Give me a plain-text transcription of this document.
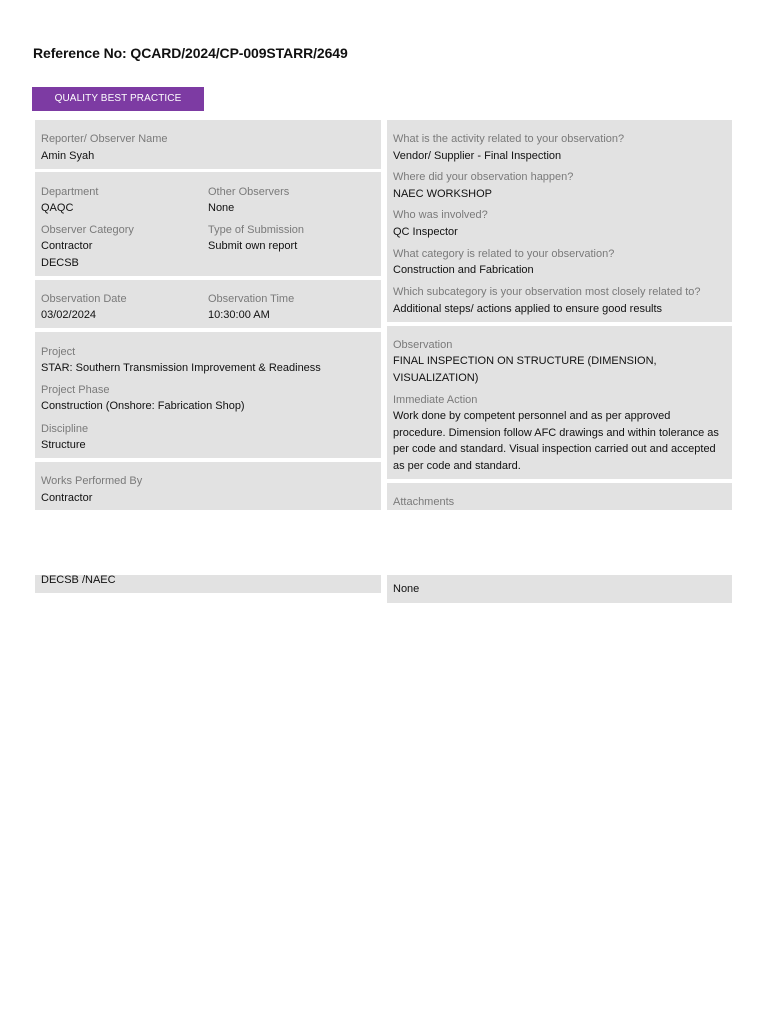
Reference No: QCARD/2024/CP-009STARR/2649
QUALITY BEST PRACTICE
Reporter/ Observer Name
Amin Syah
Department
QAQC
Other Observers
None
Observer Category
Contractor
DECSB
Type of Submission
Submit own report
Observation Date
03/02/2024
Observation Time
10:30:00 AM
Project
STAR: Southern Transmission Improvement & Readiness
Project Phase
Construction (Onshore: Fabrication Shop)
Discipline
Structure
Works Performed By
Contractor
DECSB /NAEC
What is the activity related to your observation?
Vendor/ Supplier - Final Inspection
Where did your observation happen?
NAEC WORKSHOP
Who was involved?
QC Inspector
What category is related to your observation?
Construction and Fabrication
Which subcategory is your observation most closely related to?
Additional steps/ actions applied to ensure good results
Observation
FINAL INSPECTION ON STRUCTURE (DIMENSION, VISUALIZATION)
Immediate Action
Work done by competent personnel and as per approved procedure. Dimension follow AFC drawings and within tolerance as per code and standard. Visual inspection carried out and accepted as per code and standard.
Attachments
None
